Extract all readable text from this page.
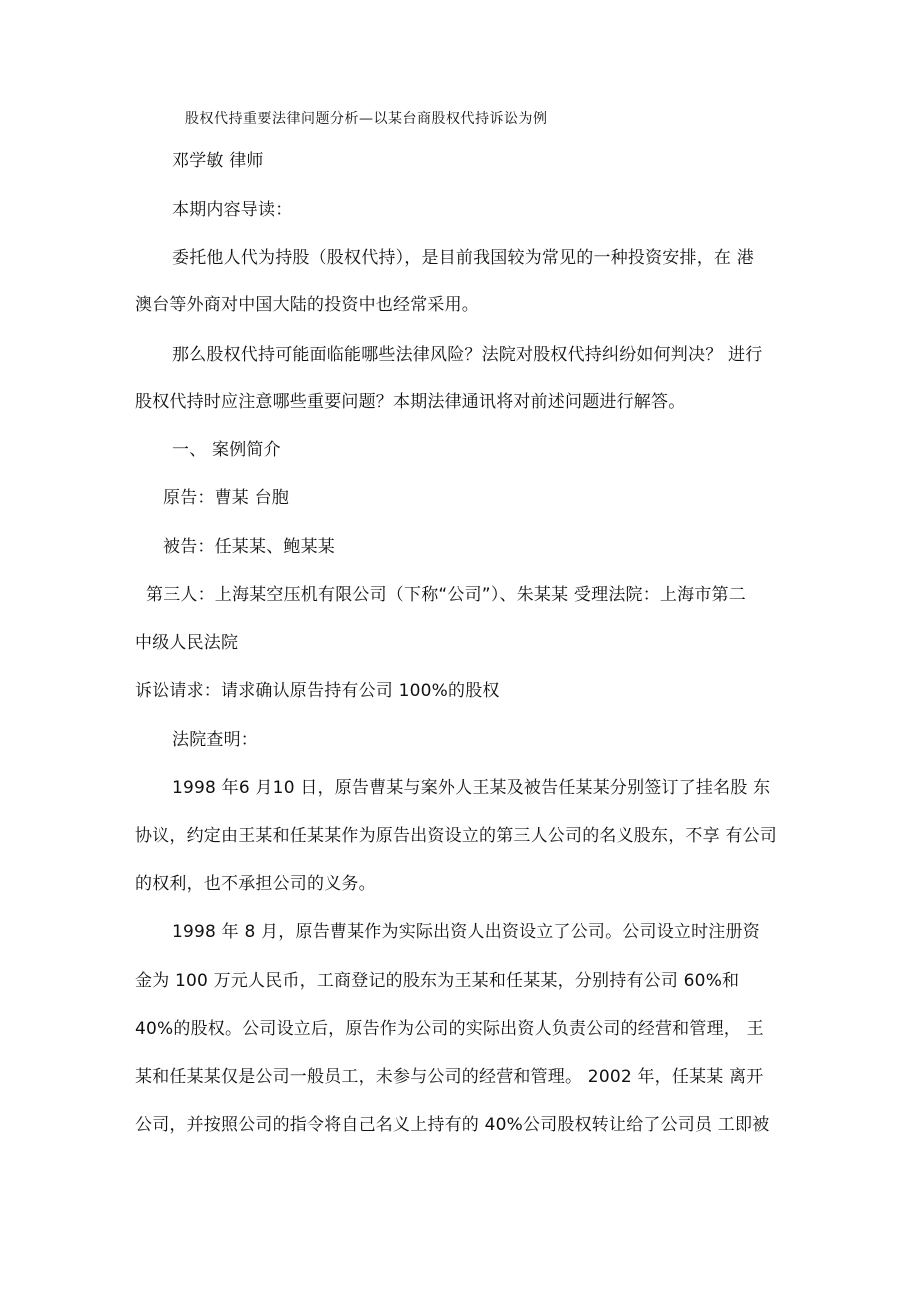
股权代持重要法律问题分析—以某台商股权代持诉讼为例
邓学敏 律师
本期内容导读：
委托他人代为持股（股权代持），是目前我国较为常见的一种投资安排，在 港
澳台等外商对中国大陆的投资中也经常采用。
那么股权代持可能面临能哪些法律风险？法院对股权代持纠纷如何判决？ 进行
股权代持时应注意哪些重要问题？本期法律通讯将对前述问题进行解答。
一、 案例简介
原告：曹某 台胞
被告：任某某、鲍某某
第三人：上海某空压机有限公司（下称“公司”）、朱某某 受理法院：上海市第二
中级人民法院
诉讼请求：请求确认原告持有公司 100%的股权
法院查明：
1998 年6 月10 日，原告曹某与案外人王某及被告任某某分别签订了挂名股 东
协议，约定由王某和任某某作为原告出资设立的第三人公司的名义股东，不享 有公司
的权利，也不承担公司的义务。
1998 年 8 月，原告曹某作为实际出资人出资设立了公司。公司设立时注册资
金为 100 万元人民币，工商登记的股东为王某和任某某，分别持有公司 60%和
40%的股权。公司设立后，原告作为公司的实际出资人负责公司的经营和管理， 王
某和任某某仅是公司一般员工，未参与公司的经营和管理。 2002 年，任某某 离开
公司，并按照公司的指令将自己名义上持有的 40%公司股权转让给了公司员 工即被
